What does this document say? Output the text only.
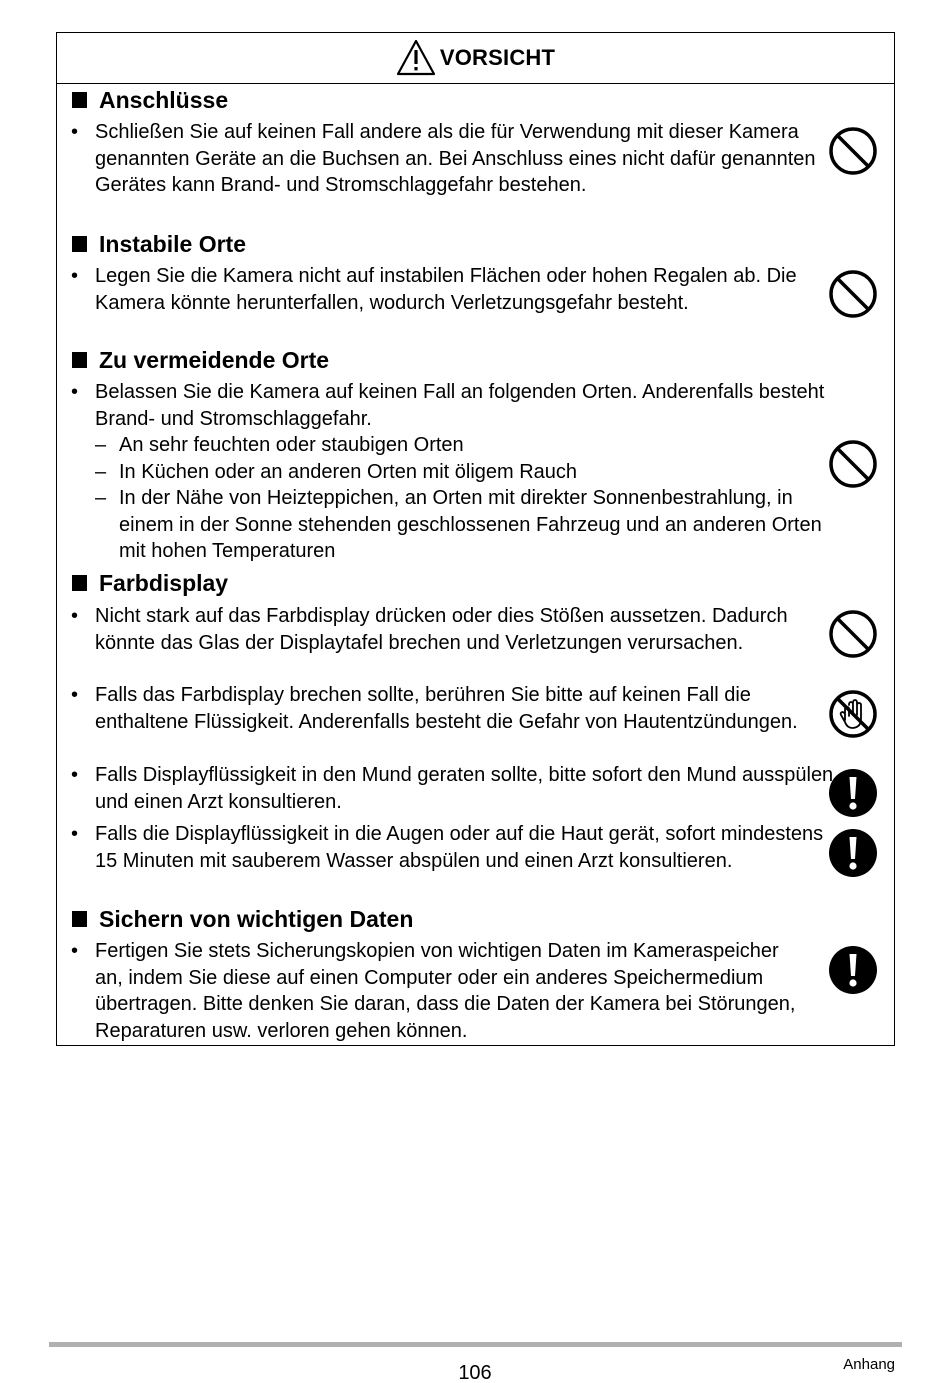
VORSICHT
Anschlüsse
• Schließen Sie auf keinen Fall andere als die für Verwendung mit dieser Kamera genannten Geräte an die Buchsen an. Bei Anschluss eines nicht dafür genannten Gerätes kann Brand- und Stromschlaggefahr bestehen.
Instabile Orte
• Legen Sie die Kamera nicht auf instabilen Flächen oder hohen Regalen ab. Die Kamera könnte herunterfallen, wodurch Verletzungsgefahr besteht.
Zu vermeidende Orte
• Belassen Sie die Kamera auf keinen Fall an folgenden Orten. Anderenfalls besteht Brand- und Stromschlaggefahr.
– An sehr feuchten oder staubigen Orten
– In Küchen oder an anderen Orten mit öligem Rauch
– In der Nähe von Heizteppichen, an Orten mit direkter Sonnenbestrahlung, in einem in der Sonne stehenden geschlossenen Fahrzeug und an anderen Orten mit hohen Temperaturen
Farbdisplay
• Nicht stark auf das Farbdisplay drücken oder dies Stößen aussetzen. Dadurch könnte das Glas der Displaytafel brechen und Verletzungen verursachen.
• Falls das Farbdisplay brechen sollte, berühren Sie bitte auf keinen Fall die enthaltene Flüssigkeit. Anderenfalls besteht die Gefahr von Hautentzündungen.
• Falls Displayflüssigkeit in den Mund geraten sollte, bitte sofort den Mund ausspülen und einen Arzt konsultieren.
• Falls die Displayflüssigkeit in die Augen oder auf die Haut gerät, sofort mindestens 15 Minuten mit sauberem Wasser abspülen und einen Arzt konsultieren.
Sichern von wichtigen Daten
• Fertigen Sie stets Sicherungskopien von wichtigen Daten im Kameraspeicher an, indem Sie diese auf einen Computer oder ein anderes Speichermedium übertragen. Bitte denken Sie daran, dass die Daten der Kamera bei Störungen, Reparaturen usw. verloren gehen können.
106	Anhang
